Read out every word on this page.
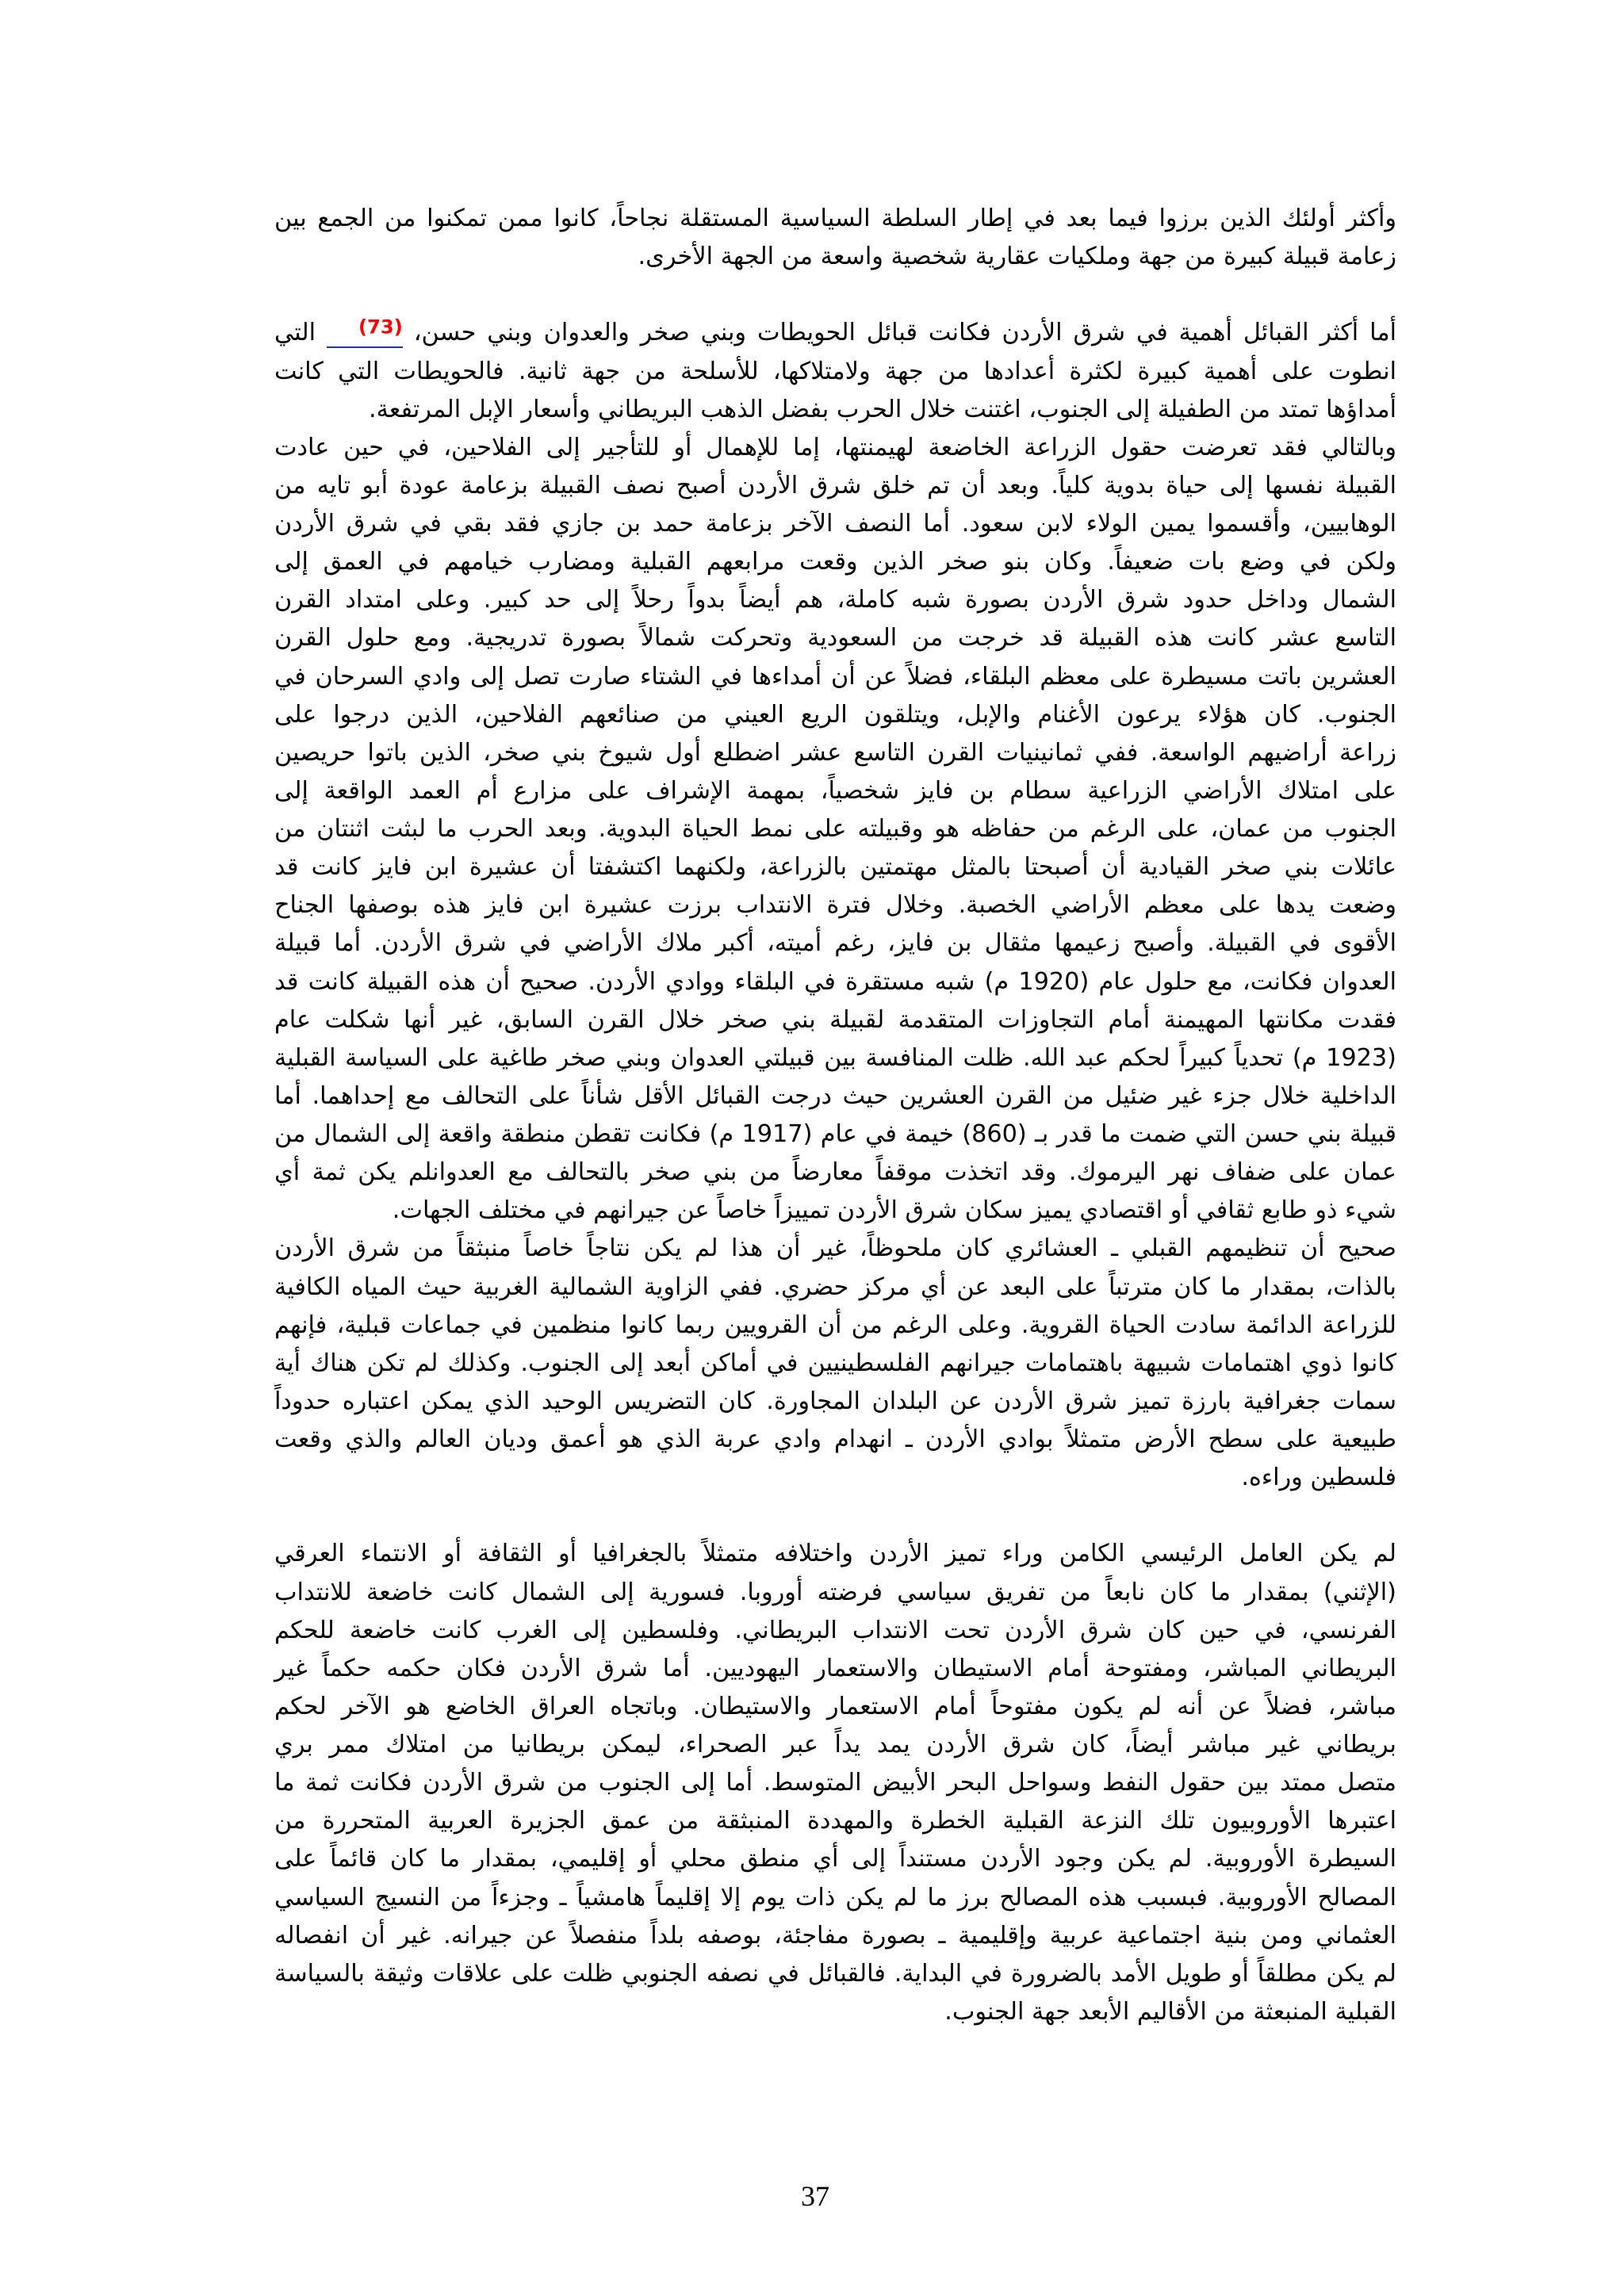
وأكثر أولئك الذين برزوا فيما بعد في إطار السلطة السياسية المستقلة نجاحاً، كانوا ممن تمكنوا من الجمع بين
زعامة قبيلة كبيرة من جهة وملكيات عقارية شخصية واسعة من الجهة الأخرى.
أما أكثر القبائل أهمية في شرق الأردن فكانت قبائل الحويطات وبني صخر والعدوان وبني حسن، $^{(73)}$ التي
انطوت على أهمية كبيرة لكثرة أعدادها من جهة ولامتلاكها، للأسلحة من جهة ثانية. فالحويطات التي كانت
أمداؤها تمتد من الطفيلة إلى الجنوب، اغتنت خلال الحرب بفضل الذهب البريطاني وأسعار الإبل المرتفعة.
وبالتالي فقد تعرضت حقول الزراعة الخاضعة لهيمنتها، إما للإهمال أو للتأجير إلى الفلاحين، في حين عادت
القبيلة نفسها إلى حياة بدوية كلياً. وبعد أن تم خلق شرق الأردن أصبح نصف القبيلة بزعامة عودة أبو تايه من
الوهابيين، وأقسموا يمين الولاء لابن سعود. أما النصف الآخر بزعامة حمد بن جازي فقد بقي في شرق الأردن
ولكن في وضع بات ضعيفاً. وكان بنو صخر الذين وقعت مرابعهم القبلية ومضارب خيامهم في العمق إلى
الشمال وداخل حدود شرق الأردن بصورة شبه كاملة، هم أيضاً بدواً رحلاً إلى حد كبير. وعلى امتداد القرن
التاسع عشر كانت هذه القبيلة قد خرجت من السعودية وتحركت شمالاً بصورة تدريجية. ومع حلول القرن
العشرين باتت مسيطرة على معظم البلقاء، فضلاً عن أن أمداءها في الشتاء صارت تصل إلى وادي السرحان في
الجنوب. كان هؤلاء يرعون الأغنام والإبل، ويتلقون الريع العيني من صنائعهم الفلاحين، الذين درجوا على
زراعة أراضيهم الواسعة. ففي ثمانينيات القرن التاسع عشر اضطلع أول شيوخ بني صخر، الذين باتوا حريصين
على امتلاك الأراضي الزراعية سطام بن فايز شخصياً، بمهمة الإشراف على مزارع أم العمد الواقعة إلى
الجنوب من عمان، على الرغم من حفاظه هو وقبيلته على نمط الحياة البدوية. وبعد الحرب ما لبثت اثنتان من
عائلات بني صخر القيادية أن أصبحتا بالمثل مهتمتين بالزراعة، ولكنهما اكتشفتا أن عشيرة ابن فايز كانت قد
وضعت يدها على معظم الأراضي الخصبة. وخلال فترة الانتداب برزت عشيرة ابن فايز هذه بوصفها الجناح
الأقوى في القبيلة. وأصبح زعيمها مثقال بن فايز، رغم أميته، أكبر ملاك الأراضي في شرق الأردن. أما قبيلة
العدوان فكانت، مع حلول عام (1920 م) شبه مستقرة في البلقاء ووادي الأردن. صحيح أن هذه القبيلة كانت قد
فقدت مكانتها المهيمنة أمام التجاوزات المتقدمة لقبيلة بني صخر خلال القرن السابق، غير أنها شكلت عام
(1923 م) تحدياً كبيراً لحكم عبد الله. ظلت المنافسة بين قبيلتي العدوان وبني صخر طاغية على السياسة القبلية
الداخلية خلال جزء غير ضئيل من القرن العشرين حيث درجت القبائل الأقل شأناً على التحالف مع إحداهما. أما
قبيلة بني حسن التي ضمت ما قدر بـ (860) خيمة في عام (1917 م) فكانت تقطن منطقة واقعة إلى الشمال من
عمان على ضفاف نهر اليرموك. وقد اتخذت موقفاً معارضاً من بني صخر بالتحالف مع العدوانلم يكن ثمة أي
شيء ذو طابع ثقافي أو اقتصادي يميز سكان شرق الأردن تمييزاً خاصاً عن جيرانهم في مختلف الجهات.
صحيح أن تنظيمهم القبلي ـ العشائري كان ملحوظاً، غير أن هذا لم يكن نتاجاً خاصاً منبثقاً من شرق الأردن
بالذات، بمقدار ما كان مترتباً على البعد عن أي مركز حضري. ففي الزاوية الشمالية الغربية حيث المياه الكافية
للزراعة الدائمة سادت الحياة القروية. وعلى الرغم من أن القرويين ربما كانوا منظمين في جماعات قبلية، فإنهم
كانوا ذوي اهتمامات شبيهة باهتمامات جيرانهم الفلسطينيين في أماكن أبعد إلى الجنوب. وكذلك لم تكن هناك أية
سمات جغرافية بارزة تميز شرق الأردن عن البلدان المجاورة. كان التضريس الوحيد الذي يمكن اعتباره حدوداً
طبيعية على سطح الأرض متمثلاً بوادي الأردن ـ انهدام وادي عربة الذي هو أعمق وديان العالم والذي وقعت
فلسطين وراءه.
لم يكن العامل الرئيسي الكامن وراء تميز الأردن واختلافه متمثلاً بالجغرافيا أو الثقافة أو الانتماء العرقي
(الإثني) بمقدار ما كان نابعاً من تفريق سياسي فرضته أوروبا. فسورية إلى الشمال كانت خاضعة للانتداب
الفرنسي، في حين كان شرق الأردن تحت الانتداب البريطاني. وفلسطين إلى الغرب كانت خاضعة للحكم
البريطاني المباشر، ومفتوحة أمام الاستيطان والاستعمار اليهوديين. أما شرق الأردن فكان حكمه حكماً غير
مباشر، فضلاً عن أنه لم يكون مفتوحاً أمام الاستعمار والاستيطان. وباتجاه العراق الخاضع هو الآخر لحكم
بريطاني غير مباشر أيضاً، كان شرق الأردن يمد يداً عبر الصحراء، ليمكن بريطانيا من امتلاك ممر بري
متصل ممتد بين حقول النفط وسواحل البحر الأبيض المتوسط. أما إلى الجنوب من شرق الأردن فكانت ثمة ما
اعتبرها الأوروبيون تلك النزعة القبلية الخطرة والمهددة المنبثقة من عمق الجزيرة العربية المتحررة من
السيطرة الأوروبية. لم يكن وجود الأردن مستنداً إلى أي منطق محلي أو إقليمي، بمقدار ما كان قائماً على
المصالح الأوروبية. فبسبب هذه المصالح برز ما لم يكن ذات يوم إلا إقليماً هامشياً ـ وجزءاً من النسيج السياسي
العثماني ومن بنية اجتماعية عربية وإقليمية ـ بصورة مفاجئة، بوصفه بلداً منفصلاً عن جيرانه. غير أن انفصاله
لم يكن مطلقاً أو طويل الأمد بالضرورة في البداية. فالقبائل في نصفه الجنوبي ظلت على علاقات وثيقة بالسياسة
القبلية المنبعثة من الأقاليم الأبعد جهة الجنوب.
37
